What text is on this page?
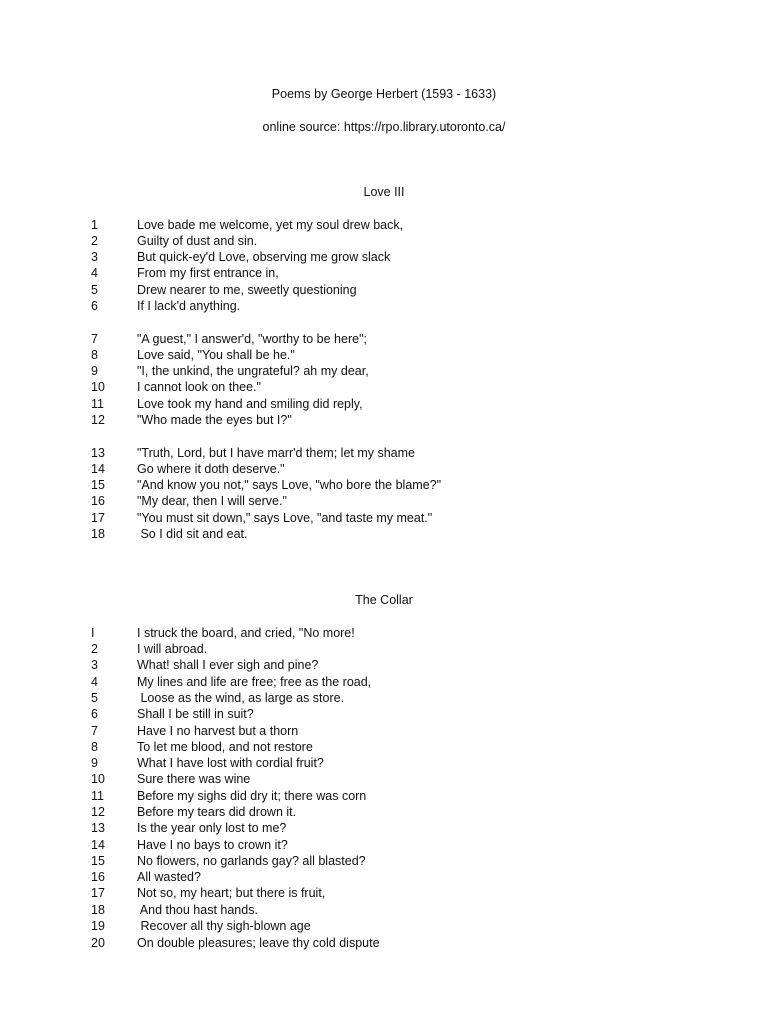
Poems by George Herbert (1593 - 1633)
online source: https://rpo.library.utoronto.ca/
Love III
1	Love bade me welcome, yet my soul drew back,
2	Guilty of dust and sin.
3	But quick-ey'd Love, observing me grow slack
4	From my first entrance in,
5	Drew nearer to me, sweetly questioning
6	If I lack'd anything.
7	"A guest," I answer'd, "worthy to be here";
8	Love said, "You shall be he."
9	"I, the unkind, the ungrateful? ah my dear,
10	I cannot look on thee."
11	Love took my hand and smiling did reply,
12	"Who made the eyes but I?"
13	"Truth, Lord, but I have marr'd them; let my shame
14	Go where it doth deserve."
15	"And know you not," says Love, "who bore the blame?"
16	"My dear, then I will serve."
17	"You must sit down," says Love, "and taste my meat."
18	So I did sit and eat.
The Collar
I	I struck the board, and cried, "No more!
2	I will abroad.
3	What! shall I ever sigh and pine?
4	My lines and life are free; free as the road,
5	Loose as the wind, as large as store.
6	Shall I be still in suit?
7	Have I no harvest but a thorn
8	To let me blood, and not restore
9	What I have lost with cordial fruit?
10	Sure there was wine
11	Before my sighs did dry it; there was corn
12	Before my tears did drown it.
13	Is the year only lost to me?
14	Have I no bays to crown it?
15	No flowers, no garlands gay? all blasted?
16	All wasted?
17	Not so, my heart; but there is fruit,
18	And thou hast hands.
19	Recover all thy sigh-blown age
20	On double pleasures; leave thy cold dispute
